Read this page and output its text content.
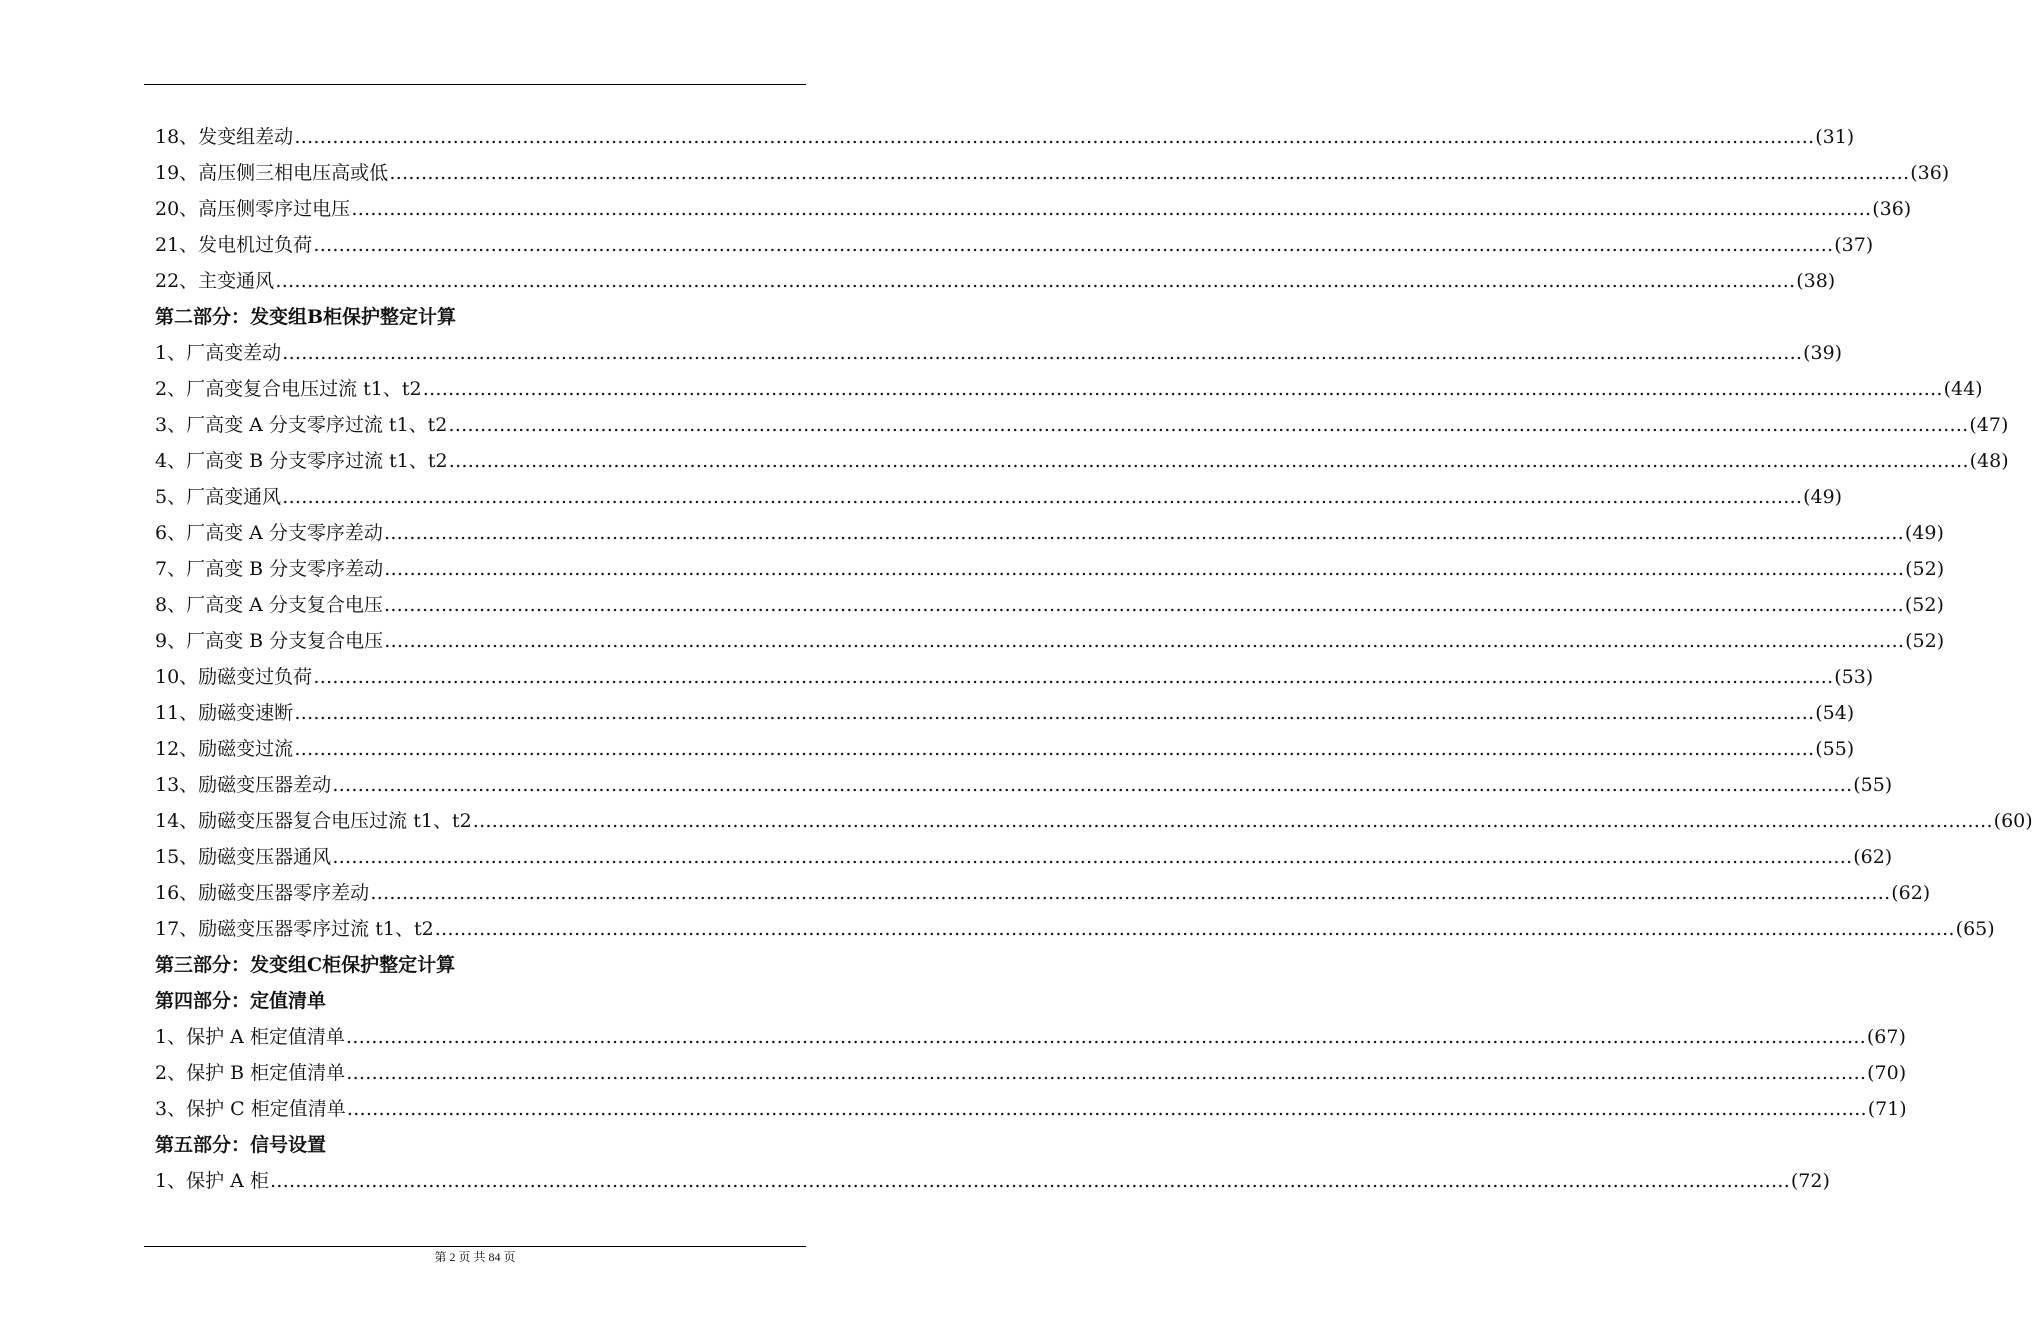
18、发变组差动 …………………………………………………………………………………………………………………………………………………………………………………………………………………… (31)
19、高压侧三相电压高或低 …………………………………………………………………………………………………………………………………………………………………………………………………………………… (36)
20、高压侧零序过电压 …………………………………………………………………………………………………………………………………………………………………………………………………………………… (36)
21、发电机过负荷 …………………………………………………………………………………………………………………………………………………………………………………………………………………… (37)
22、主变通风 …………………………………………………………………………………………………………………………………………………………………………………………………………………… (38)
第二部分：发变组B柜保护整定计算
1、厂高变差动 …………………………………………………………………………………………………………………………………………………………………………………………………………………… (39)
2、厂高变复合电压过流 t1、t2 …………………………………………………………………………………………………………………………………………………………………………………………………………………… (44)
3、厂高变 A 分支零序过流 t1、t2 …………………………………………………………………………………………………………………………………………………………………………………………………………………… (47)
4、厂高变 B 分支零序过流 t1、t2 …………………………………………………………………………………………………………………………………………………………………………………………………………………… (48)
5、厂高变通风 …………………………………………………………………………………………………………………………………………………………………………………………………………………… (49)
6、厂高变 A 分支零序差动 …………………………………………………………………………………………………………………………………………………………………………………………………………………… (49)
7、厂高变 B 分支零序差动 …………………………………………………………………………………………………………………………………………………………………………………………………………………… (52)
8、厂高变 A 分支复合电压 …………………………………………………………………………………………………………………………………………………………………………………………………………………… (52)
9、厂高变 B 分支复合电压 …………………………………………………………………………………………………………………………………………………………………………………………………………………… (52)
10、励磁变过负荷 …………………………………………………………………………………………………………………………………………………………………………………………………………………… (53)
11、励磁变速断 …………………………………………………………………………………………………………………………………………………………………………………………………………………… (54)
12、励磁变过流 …………………………………………………………………………………………………………………………………………………………………………………………………………………… (55)
13、励磁变压器差动 …………………………………………………………………………………………………………………………………………………………………………………………………………………… (55)
14、励磁变压器复合电压过流 t1、t2 …………………………………………………………………………………………………………………………………………………………………………………………………………………… (60)
15、励磁变压器通风 …………………………………………………………………………………………………………………………………………………………………………………………………………………… (62)
16、励磁变压器零序差动 …………………………………………………………………………………………………………………………………………………………………………………………………………………… (62)
17、励磁变压器零序过流 t1、t2 …………………………………………………………………………………………………………………………………………………………………………………………………………………… (65)
第三部分：发变组C柜保护整定计算
第四部分：定值清单
1、保护 A 柜定值清单 …………………………………………………………………………………………………………………………………………………………………………………………………………………… (67)
2、保护 B 柜定值清单 …………………………………………………………………………………………………………………………………………………………………………………………………………………… (70)
3、保护 C 柜定值清单 …………………………………………………………………………………………………………………………………………………………………………………………………………………… (71)
第五部分：信号设置
1、保护 A 柜 …………………………………………………………………………………………………………………………………………………………………………………………………………………… (72)
第 2 页 共 84 页
